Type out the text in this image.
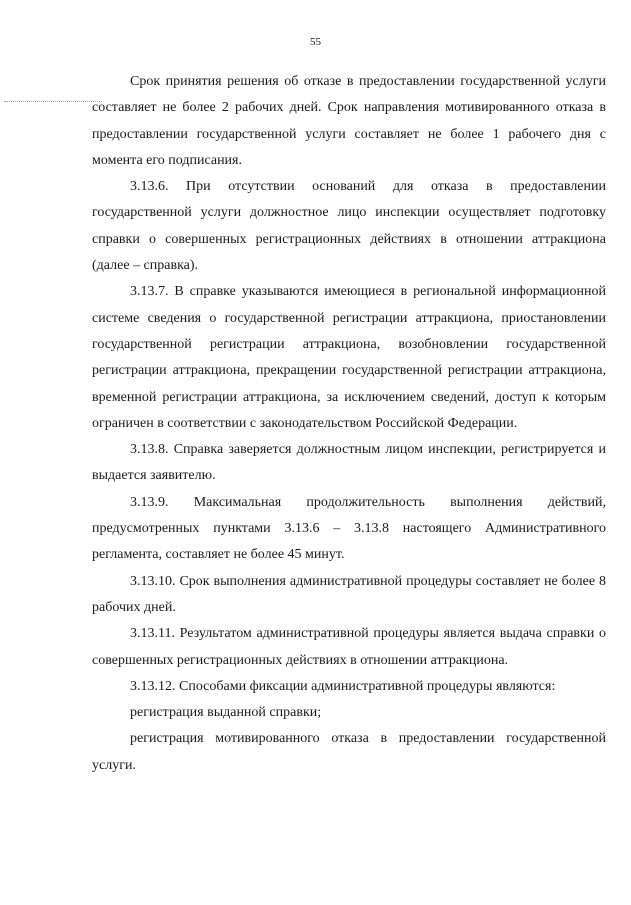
55

Срок принятия решения об отказе в предоставлении государственной услуги составляет не более 2 рабочих дней. Срок направления мотивированного отказа в предоставлении государственной услуги составляет не более 1 рабочего дня с момента его подписания.

3.13.6. При отсутствии оснований для отказа в предоставлении государственной услуги должностное лицо инспекции осуществляет подготовку справки о совершенных регистрационных действиях в отношении аттракциона (далее – справка).

3.13.7. В справке указываются имеющиеся в региональной информационной системе сведения о государственной регистрации аттракциона, приостановлении государственной регистрации аттракциона, возобновлении государственной регистрации аттракциона, прекращении государственной регистрации аттракциона, временной регистрации аттракциона, за исключением сведений, доступ к которым ограничен в соответствии с законодательством Российской Федерации.

3.13.8. Справка заверяется должностным лицом инспекции, регистрируется и выдается заявителю.

3.13.9. Максимальная продолжительность выполнения действий, предусмотренных пунктами 3.13.6 – 3.13.8 настоящего Административного регламента, составляет не более 45 минут.

3.13.10. Срок выполнения административной процедуры составляет не более 8 рабочих дней.

3.13.11. Результатом административной процедуры является выдача справки о совершенных регистрационных действиях в отношении аттракциона.

3.13.12. Способами фиксации административной процедуры являются:

регистрация выданной справки;

регистрация мотивированного отказа в предоставлении государственной услуги.
